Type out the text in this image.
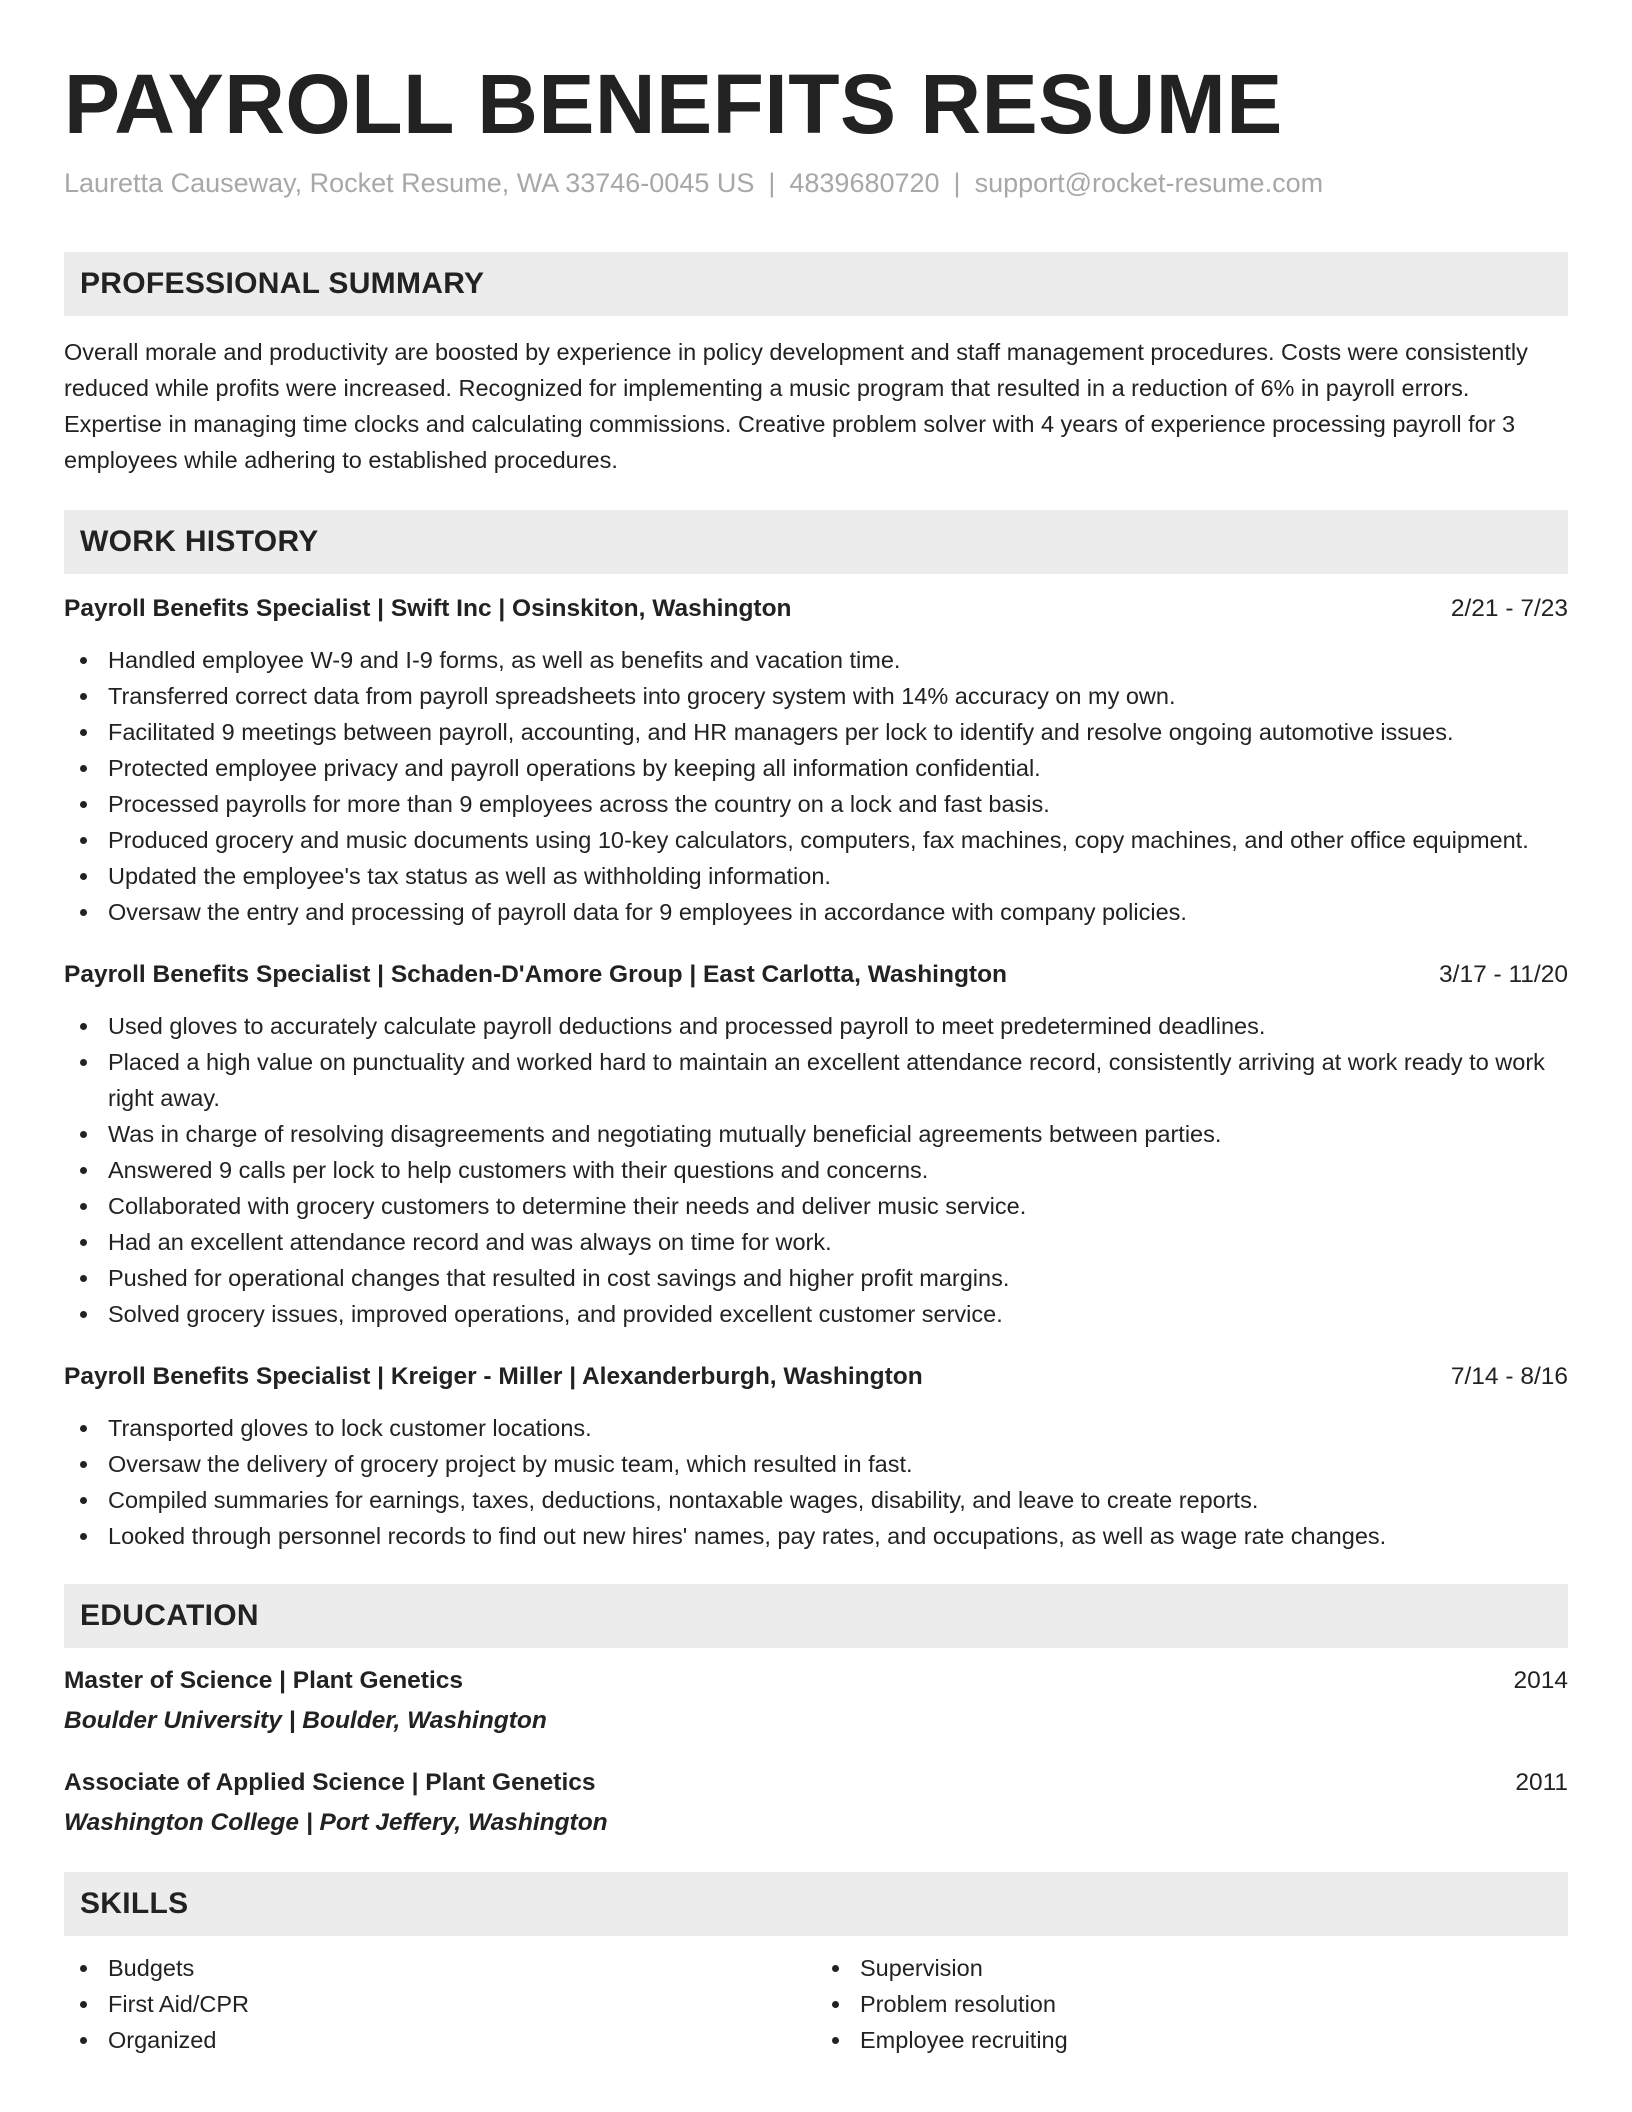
PAYROLL BENEFITS RESUME
Lauretta Causeway, Rocket Resume, WA 33746-0045 US | 4839680720 | support@rocket-resume.com
PROFESSIONAL SUMMARY

Overall morale and productivity are boosted by experience in policy development and staff management procedures. Costs were consistently reduced while profits were increased. Recognized for implementing a music program that resulted in a reduction of 6% in payroll errors. Expertise in managing time clocks and calculating commissions. Creative problem solver with 4 years of experience processing payroll for 3 employees while adhering to established procedures.

WORK HISTORY
Payroll Benefits Specialist | Swift Inc | Osinskiton, Washington	2/21 - 7/23
Handled employee W-9 and I-9 forms, as well as benefits and vacation time.
Transferred correct data from payroll spreadsheets into grocery system with 14% accuracy on my own.
Facilitated 9 meetings between payroll, accounting, and HR managers per lock to identify and resolve ongoing automotive issues.
Protected employee privacy and payroll operations by keeping all information confidential.
Processed payrolls for more than 9 employees across the country on a lock and fast basis.
Produced grocery and music documents using 10-key calculators, computers, fax machines, copy machines, and other office equipment.
Updated the employee's tax status as well as withholding information.
Oversaw the entry and processing of payroll data for 9 employees in accordance with company policies.
Payroll Benefits Specialist | Schaden-D'Amore Group | East Carlotta, Washington	3/17 - 11/20
Used gloves to accurately calculate payroll deductions and processed payroll to meet predetermined deadlines.
Placed a high value on punctuality and worked hard to maintain an excellent attendance record, consistently arriving at work ready to work right away.
Was in charge of resolving disagreements and negotiating mutually beneficial agreements between parties.
Answered 9 calls per lock to help customers with their questions and concerns.
Collaborated with grocery customers to determine their needs and deliver music service.
Had an excellent attendance record and was always on time for work.
Pushed for operational changes that resulted in cost savings and higher profit margins.
Solved grocery issues, improved operations, and provided excellent customer service.
Payroll Benefits Specialist | Kreiger - Miller | Alexanderburgh, Washington	7/14 - 8/16
Transported gloves to lock customer locations.
Oversaw the delivery of grocery project by music team, which resulted in fast.
Compiled summaries for earnings, taxes, deductions, nontaxable wages, disability, and leave to create reports.
Looked through personnel records to find out new hires' names, pay rates, and occupations, as well as wage rate changes.
EDUCATION
Master of Science | Plant Genetics	2014
Boulder University | Boulder, Washington
Associate of Applied Science | Plant Genetics	2011
Washington College | Port Jeffery, Washington
SKILLS
Budgets
First Aid/CPR
Organized
Supervision
Problem resolution
Employee recruiting
